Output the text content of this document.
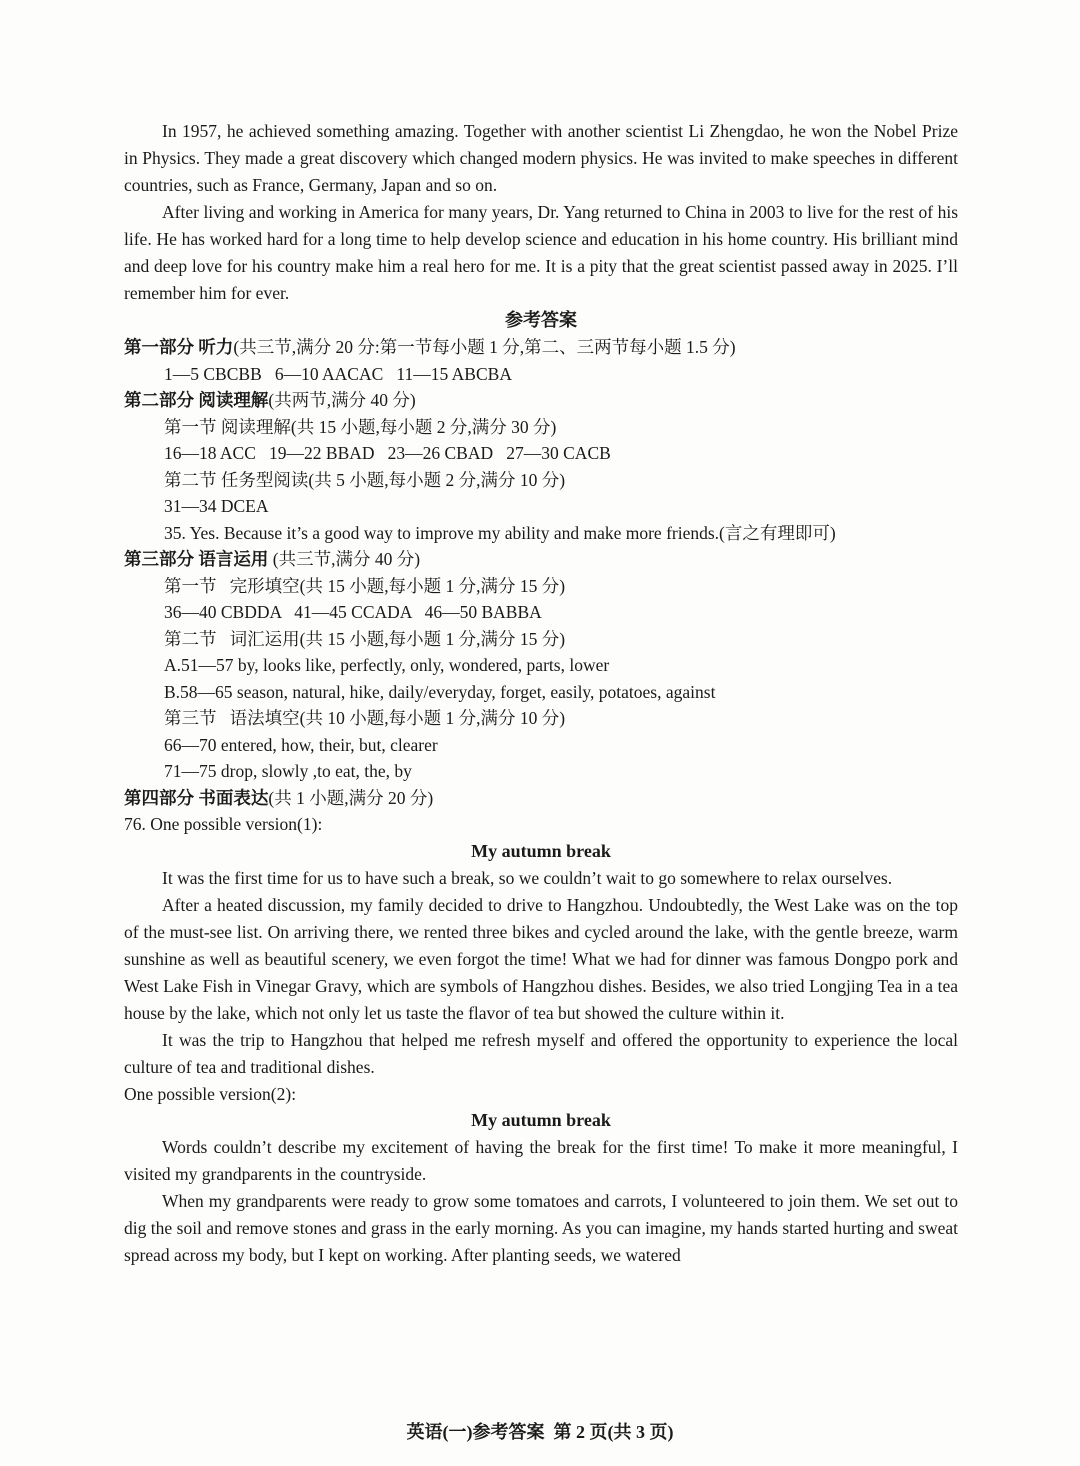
In 1957, he achieved something amazing. Together with another scientist Li Zhengdao, he won the Nobel Prize in Physics. They made a great discovery which changed modern physics. He was invited to make speeches in different countries, such as France, Germany, Japan and so on.

After living and working in America for many years, Dr. Yang returned to China in 2003 to live for the rest of his life. He has worked hard for a long time to help develop science and education in his home country. His brilliant mind and deep love for his country make him a real hero for me. It is a pity that the great scientist passed away in 2025. I’ll remember him for ever.

参考答案

第一部分 听力(共三节,满分 20 分:第一节每小题 1 分,第二、三两节每小题 1.5 分)

1—5 CBCBB   6—10 AACAC   11—15 ABCBA

第二部分 阅读理解(共两节,满分 40 分)

第一节 阅读理解(共 15 小题,每小题 2 分,满分 30 分)

16—18 ACC   19—22 BBAD   23—26 CBAD   27—30 CACB

第二节 任务型阅读(共 5 小题,每小题 2 分,满分 10 分)

31—34 DCEA

35. Yes. Because it’s a good way to improve my ability and make more friends.(言之有理即可)

第三部分 语言运用 (共三节,满分 40 分)

第一节   完形填空(共 15 小题,每小题 1 分,满分 15 分)

36—40 CBDDA   41—45 CCADA   46—50 BABBA

第二节   词汇运用(共 15 小题,每小题 1 分,满分 15 分)

A.51—57 by, looks like, perfectly, only, wondered, parts, lower

B.58—65 season, natural, hike, daily/everyday, forget, easily, potatoes, against

第三节   语法填空(共 10 小题,每小题 1 分,满分 10 分)

66—70 entered, how, their, but, clearer

71—75 drop, slowly ,to eat, the, by

第四部分 书面表达(共 1 小题,满分 20 分)

76. One possible version(1):

My autumn break

It was the first time for us to have such a break, so we couldn’t wait to go somewhere to relax ourselves.

After a heated discussion, my family decided to drive to Hangzhou. Undoubtedly, the West Lake was on the top of the must-see list. On arriving there, we rented three bikes and cycled around the lake, with the gentle breeze, warm sunshine as well as beautiful scenery, we even forgot the time! What we had for dinner was famous Dongpo pork and West Lake Fish in Vinegar Gravy, which are symbols of Hangzhou dishes. Besides, we also tried Longjing Tea in a tea house by the lake, which not only let us taste the flavor of tea but showed the culture within it.

It was the trip to Hangzhou that helped me refresh myself and offered the opportunity to experience the local culture of tea and traditional dishes.

One possible version(2):

My autumn break

Words couldn’t describe my excitement of having the break for the first time! To make it more meaningful, I visited my grandparents in the countryside.

When my grandparents were ready to grow some tomatoes and carrots, I volunteered to join them. We set out to dig the soil and remove stones and grass in the early morning. As you can imagine, my hands started hurting and sweat spread across my body, but I kept on working. After planting seeds, we watered

英语(一)参考答案  第 2 页(共 3 页)
